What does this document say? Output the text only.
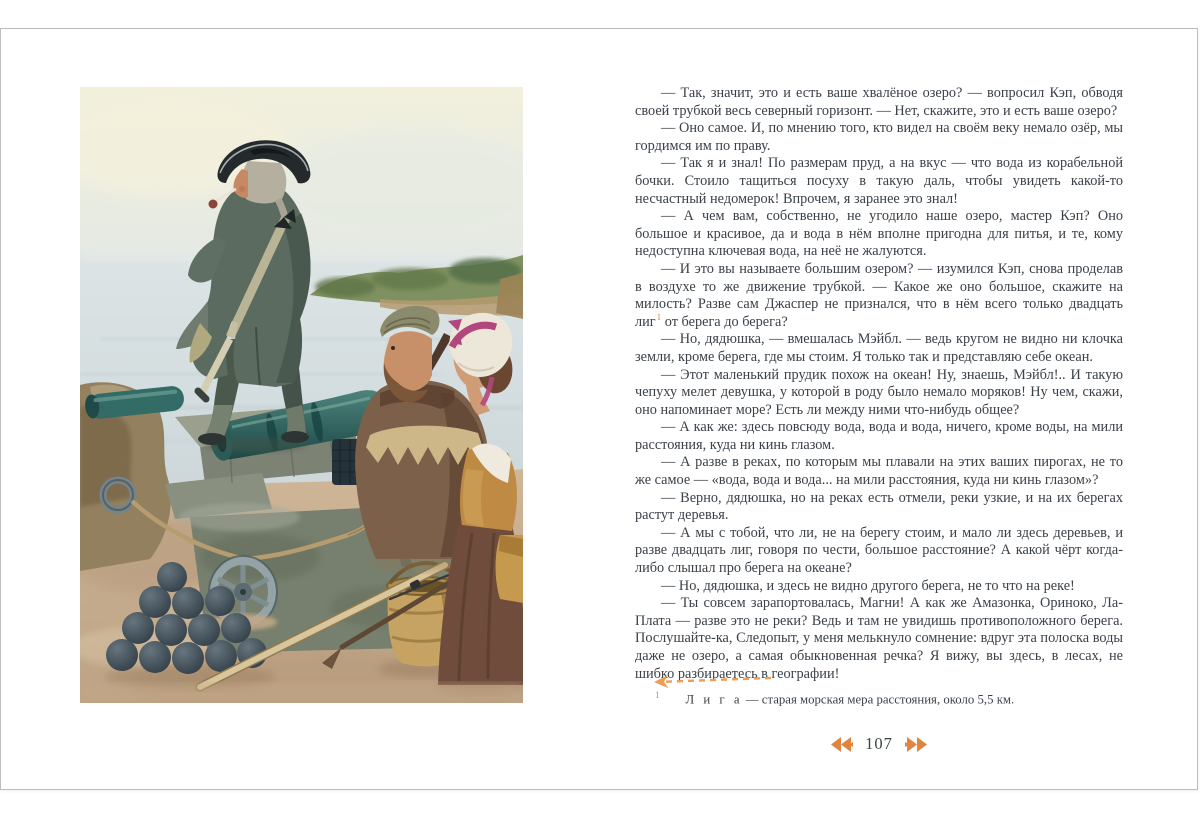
— Так, значит, это и есть ваше хвалёное озеро? — вопросил Кэп, обводя своей трубкой весь северный горизонт. — Нет, скажите, это и есть ваше озеро?

— Оно самое. И, по мнению того, кто видел на своём веку немало озёр, мы гордимся им по праву.

— Так я и знал! По размерам пруд, а на вкус — что вода из корабельной бочки. Стоило тащиться посуху в такую даль, чтобы увидеть какой-то несчастный недомерок! Впрочем, я заранее это знал!

— А чем вам, собственно, не угодило наше озеро, мастер Кэп? Оно большое и красивое, да и вода в нём вполне пригодна для питья, и те, кому недоступна ключевая вода, на неё не жалуются.

— И это вы называете большим озером? — изумился Кэп, снова проделав в воздухе то же движение трубкой. — Какое же оно большое, скажите на милость? Разве сам Джаспер не признался, что в нём всего только двадцать лиг$^1$ от берега до берега?

— Но, дядюшка, — вмешалась Мэйбл. — ведь кругом не видно ни клочка земли, кроме берега, где мы стоим. Я только так и представляю себе океан.

— Этот маленький прудик похож на океан! Ну, знаешь, Мэйбл!.. И такую чепуху мелет девушка, у которой в роду было немало моряков! Ну чем, скажи, оно напоминает море? Есть ли между ними что-нибудь общее?

— А как же: здесь повсюду вода, вода и вода, ничего, кроме воды, на мили расстояния, куда ни кинь глазом.

— А разве в реках, по которым мы плавали на этих ваших пирогах, не то же самое — «вода, вода и вода... на мили расстояния, куда ни кинь глазом»?

— Верно, дядюшка, но на реках есть отмели, реки узкие, и на их берегах растут деревья.

— А мы с тобой, что ли, не на берегу стоим, и мало ли здесь деревьев, и разве двадцать лиг, говоря по чести, большое расстояние? А какой чёрт когда-либо слышал про берега на океане?

— Но, дядюшка, и здесь не видно другого берега, не то что на реке!

— Ты совсем зарапортовалась, Магни! А как же Амазонка, Ориноко, Ла-Плата — разве это не реки? Ведь и там не увидишь противоположного берега. Послушайте-ка, Следопыт, у меня мелькнуло сомнение: вдруг эта полоска воды даже не озеро, а самая обыкновенная речка? Я вижу, вы здесь, в лесах, не шибко разбираетесь в географии!

$^1$ Л и г а — старая морская мера расстояния, около 5,5 км.
107
